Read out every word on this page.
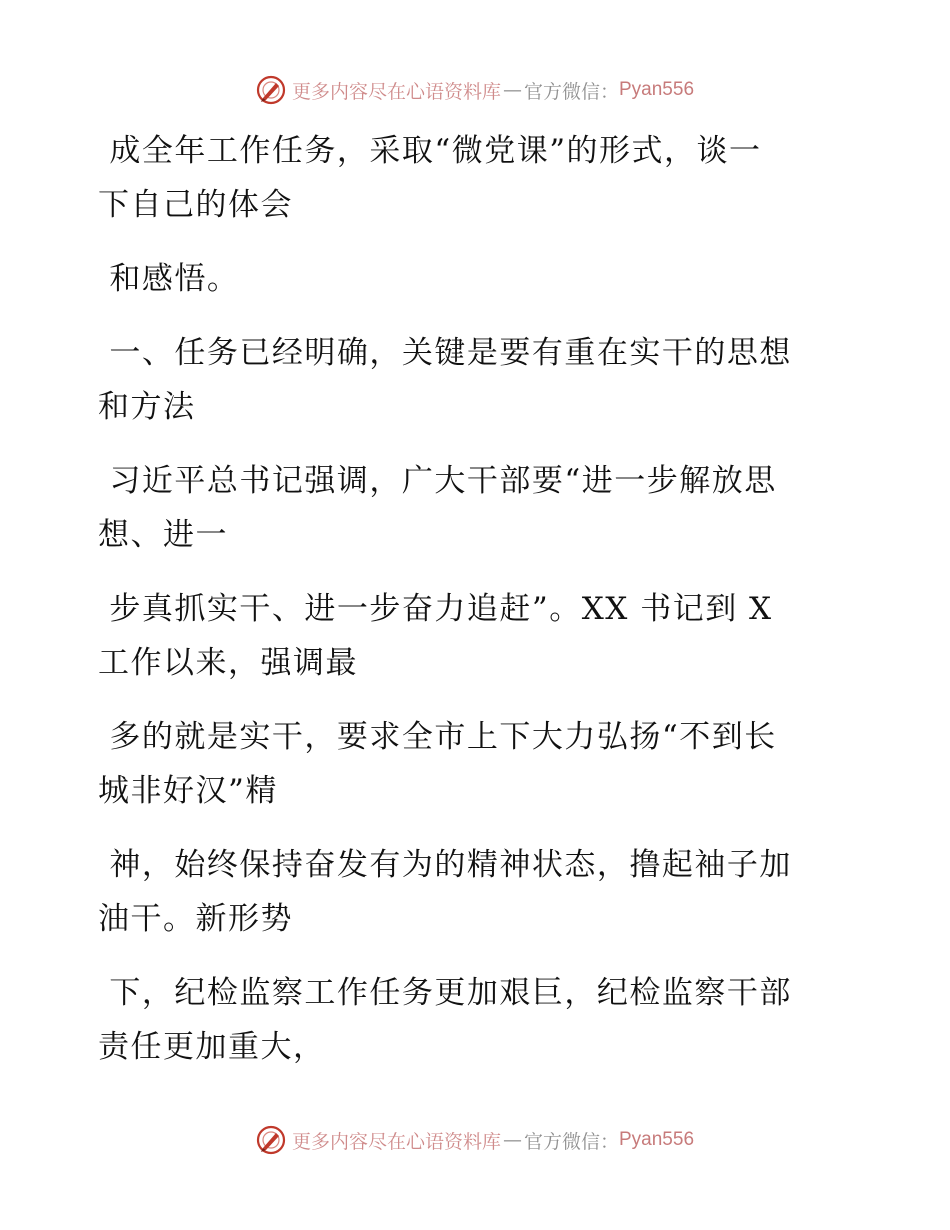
更多内容尽在心语资料库 — 官方微信： Pyan556

成全年工作任务，采取“微党课”的形式，谈一
下自己的体会

和感悟。

一、任务已经明确，关键是要有重在实干的思想
和方法

习近平总书记强调，广大干部要“进一步解放思
想、进一

步真抓实干、进一步奋力追赶”。XX 书记到 X
工作以来，强调最

多的就是实干，要求全市上下大力弘扬“不到长
城非好汉”精

神，始终保持奋发有为的精神状态，撸起袖子加
油干。新形势

下，纪检监察工作任务更加艰巨，纪检监察干部
责任更加重大，

更多内容尽在心语资料库 — 官方微信： Pyan556
